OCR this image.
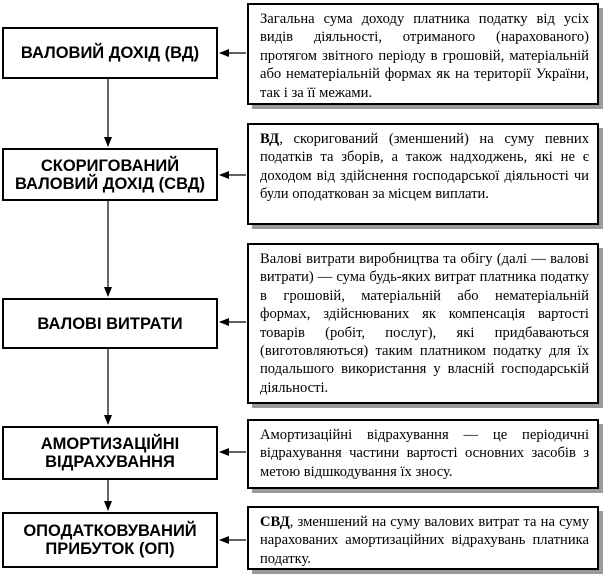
ВАЛОВИЙ ДОХІД (ВД)
СКОРИГОВАНИЙ
ВАЛОВИЙ ДОХІД (СВД)
ВАЛОВІ ВИТРАТИ
АМОРТИЗАЦІЙНІ
ВІДРАХУВАННЯ
ОПОДАТКОВУВАНИЙ
ПРИБУТОК (ОП)
Загальна сума доходу платника податку від усіх видів діяльності, отриманого (нарахованого) протягом звітного періоду в грошовій, матеріальній або нематеріальній формах як на території України, так і за її межами.
ВД, скоригований (зменшений) на суму певних податків та зборів, а також надходжень, які не є доходом від здійснення господарської діяльності чи були оподаткован за місцем виплати.
Валові витрати виробництва та обігу (далі — валові витрати) — сума будь-яких витрат платника податку в грошовій, матеріальній або нематеріальній формах, здійснюваних як компенсація вартості товарів (робіт, послуг), які придбаваються (виготовляються) таким платником податку для їх подальшого використання у власній господарській діяльності.
Амортизаційні відрахування — це періодичні відрахування частини вартості основних засобів з метою відшкодування їх зносу.
СВД, зменшений на суму валових витрат та на суму нарахованих амортизаційних відрахувань платника податку.
